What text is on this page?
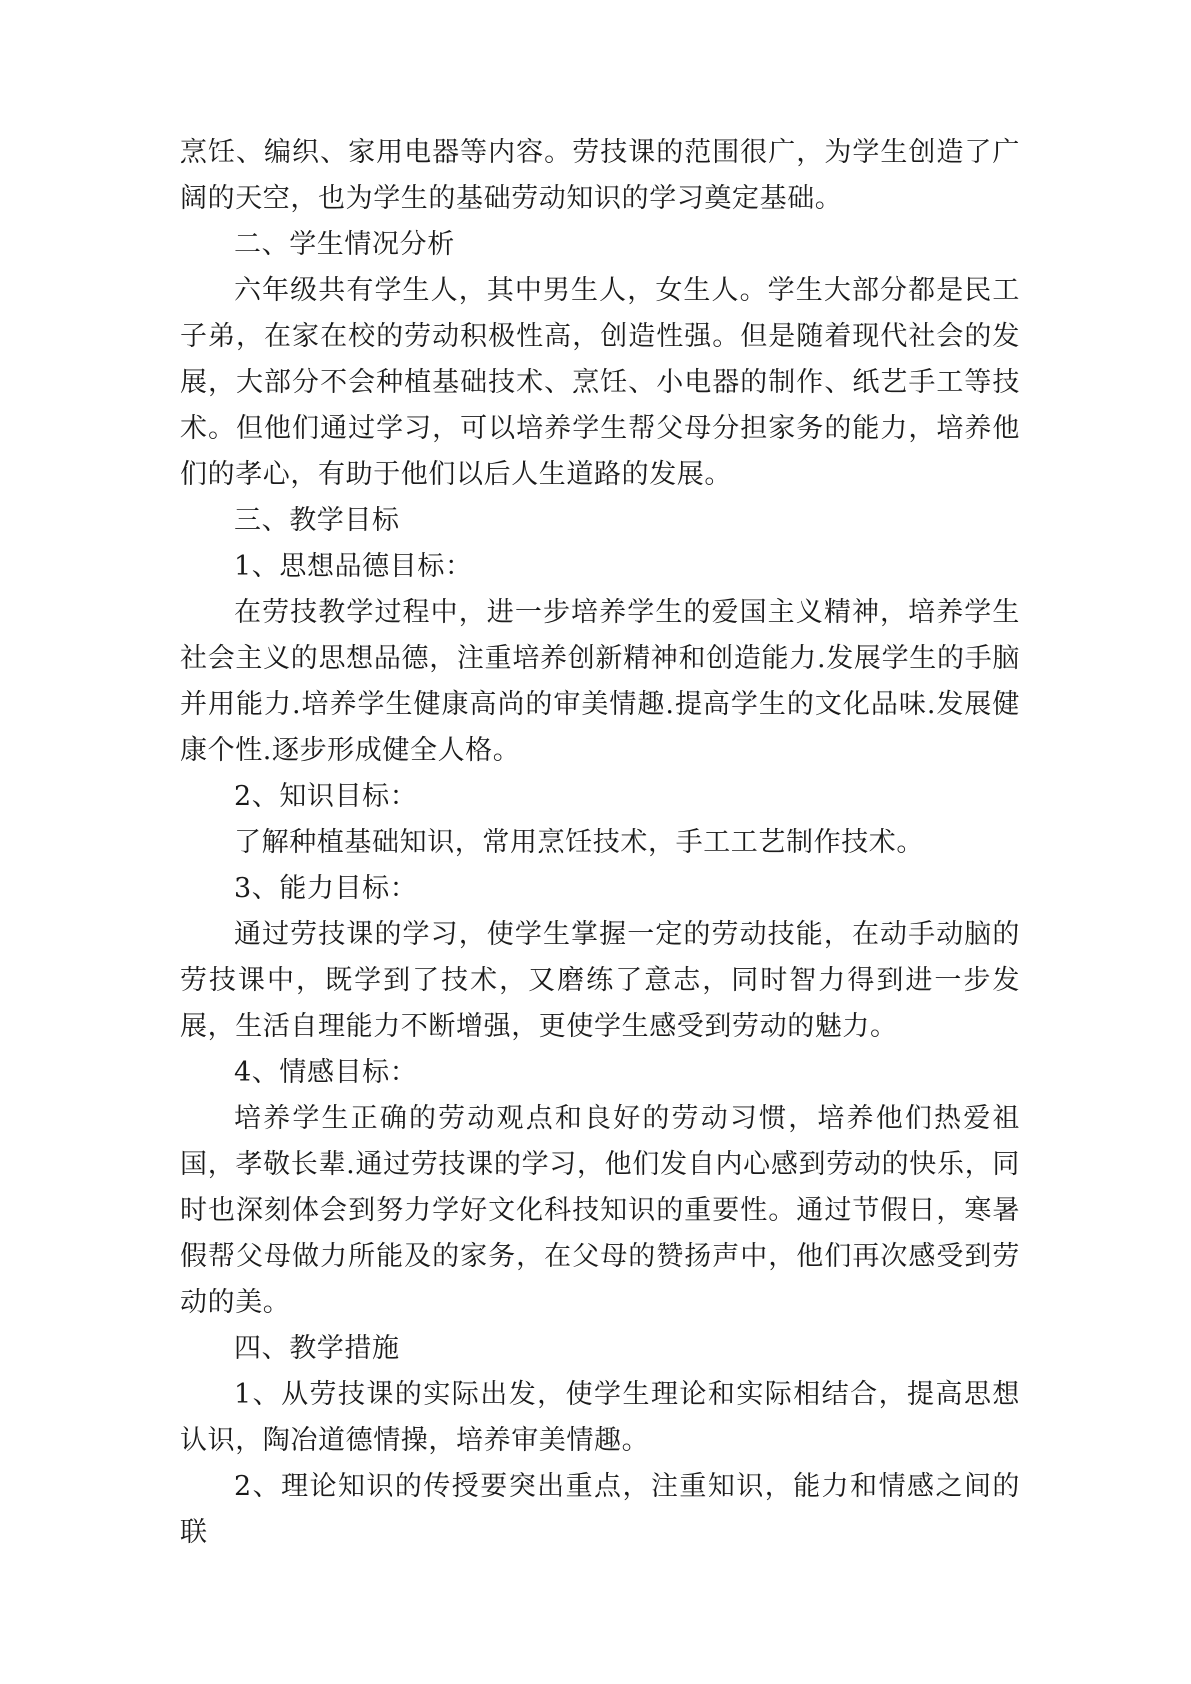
烹饪、编织、家用电器等内容。劳技课的范围很广，为学生创造了广阔的天空，也为学生的基础劳动知识的学习奠定基础。

二、学生情况分析

六年级共有学生人，其中男生人，女生人。学生大部分都是民工子弟，在家在校的劳动积极性高，创造性强。但是随着现代社会的发展，大部分不会种植基础技术、烹饪、小电器的制作、纸艺手工等技术。但他们通过学习，可以培养学生帮父母分担家务的能力，培养他们的孝心，有助于他们以后人生道路的发展。

三、教学目标

1、思想品德目标：

在劳技教学过程中，进一步培养学生的爱国主义精神，培养学生社会主义的思想品德，注重培养创新精神和创造能力.发展学生的手脑并用能力.培养学生健康高尚的审美情趣.提高学生的文化品味.发展健康个性.逐步形成健全人格。

2、知识目标：

了解种植基础知识，常用烹饪技术，手工工艺制作技术。

3、能力目标：

通过劳技课的学习，使学生掌握一定的劳动技能，在动手动脑的劳技课中，既学到了技术，又磨练了意志，同时智力得到进一步发展，生活自理能力不断增强，更使学生感受到劳动的魅力。

4、情感目标：

培养学生正确的劳动观点和良好的劳动习惯，培养他们热爱祖国，孝敬长辈.通过劳技课的学习，他们发自内心感到劳动的快乐，同时也深刻体会到努力学好文化科技知识的重要性。通过节假日，寒暑假帮父母做力所能及的家务，在父母的赞扬声中，他们再次感受到劳动的美。

四、教学措施

1、从劳技课的实际出发，使学生理论和实际相结合，提高思想认识，陶冶道德情操，培养审美情趣。

2、理论知识的传授要突出重点，注重知识，能力和情感之间的联
